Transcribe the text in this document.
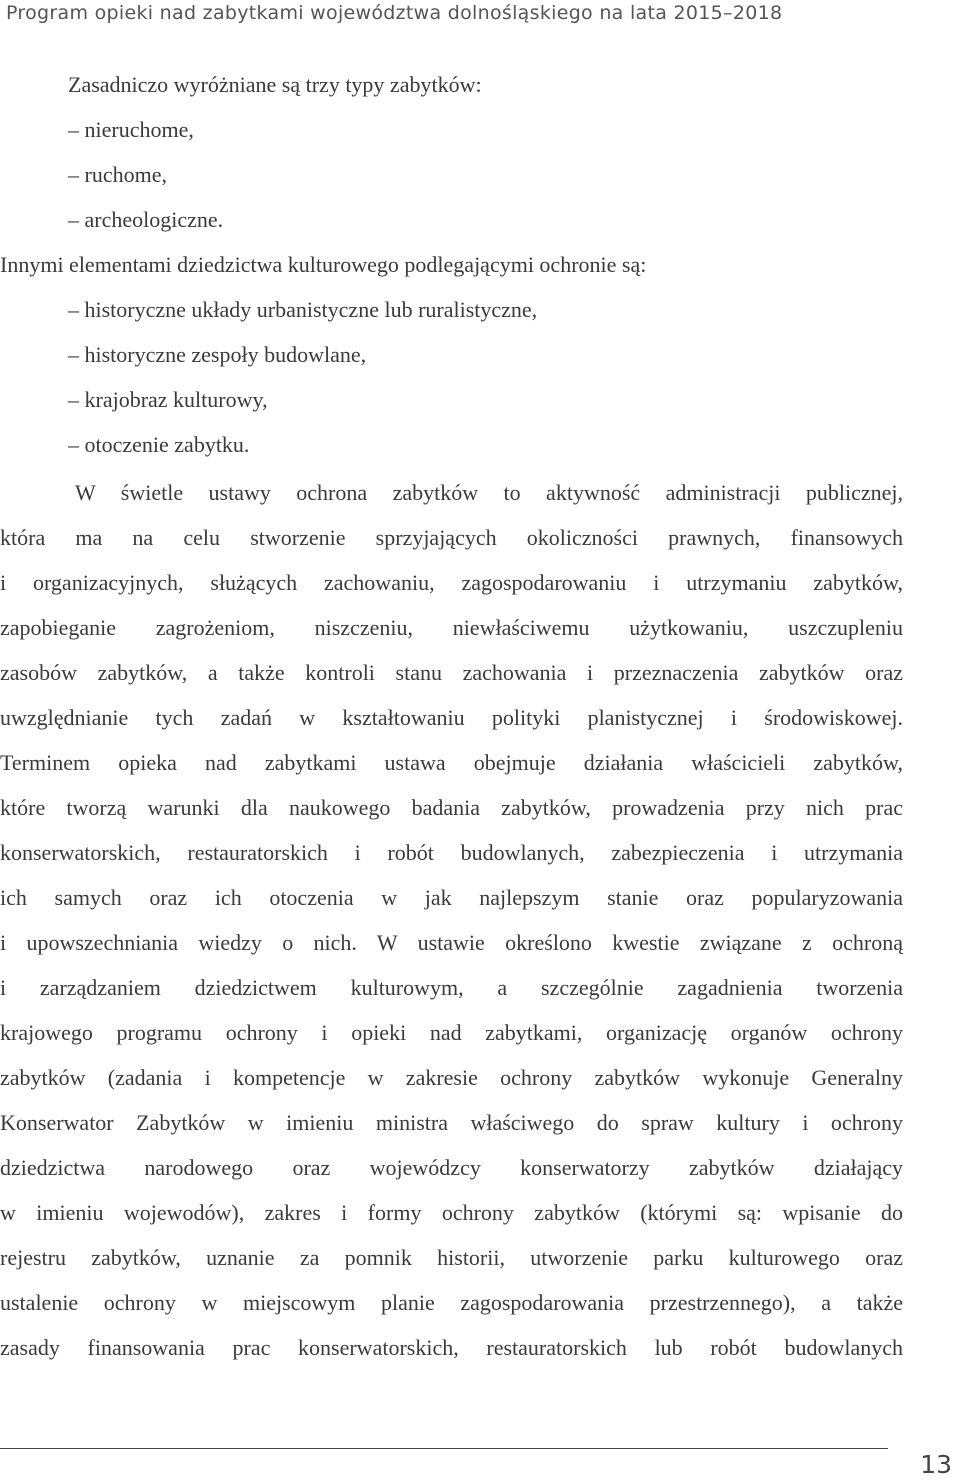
Program opieki nad zabytkami województwa dolnośląskiego na lata 2015–2018
Zasadniczo wyróżniane są trzy typy zabytków:
– nieruchome,
– ruchome,
– archeologiczne.
Innymi elementami dziedzictwa kulturowego podlegającymi ochronie są:
– historyczne układy urbanistyczne lub ruralistyczne,
– historyczne zespoły budowlane,
– krajobraz kulturowy,
– otoczenie zabytku.
W świetle ustawy ochrona zabytków to aktywność administracji publicznej,
która ma na celu stworzenie sprzyjających okoliczności prawnych, finansowych
i organizacyjnych, służących zachowaniu, zagospodarowaniu i utrzymaniu zabytków,
zapobieganie zagrożeniom, niszczeniu, niewłaściwemu użytkowaniu, uszczupleniu
zasobów zabytków, a także kontroli stanu zachowania i przeznaczenia zabytków oraz
uwzględnianie tych zadań w kształtowaniu polityki planistycznej i środowiskowej.
Terminem opieka nad zabytkami ustawa obejmuje działania właścicieli zabytków,
które tworzą warunki dla naukowego badania zabytków, prowadzenia przy nich prac
konserwatorskich, restauratorskich i robót budowlanych, zabezpieczenia i utrzymania
ich samych oraz ich otoczenia w jak najlepszym stanie oraz popularyzowania
i upowszechniania wiedzy o nich. W ustawie określono kwestie związane z ochroną
i zarządzaniem dziedzictwem kulturowym, a szczególnie zagadnienia tworzenia
krajowego programu ochrony i opieki nad zabytkami, organizację organów ochrony
zabytków (zadania i kompetencje w zakresie ochrony zabytków wykonuje Generalny
Konserwator Zabytków w imieniu ministra właściwego do spraw kultury i ochrony
dziedzictwa narodowego oraz wojewódzcy konserwatorzy zabytków działający
w imieniu wojewodów), zakres i formy ochrony zabytków (którymi są: wpisanie do
rejestru zabytków, uznanie za pomnik historii, utworzenie parku kulturowego oraz
ustalenie ochrony w miejscowym planie zagospodarowania przestrzennego), a także
zasady finansowania prac konserwatorskich, restauratorskich lub robót budowlanych
13
